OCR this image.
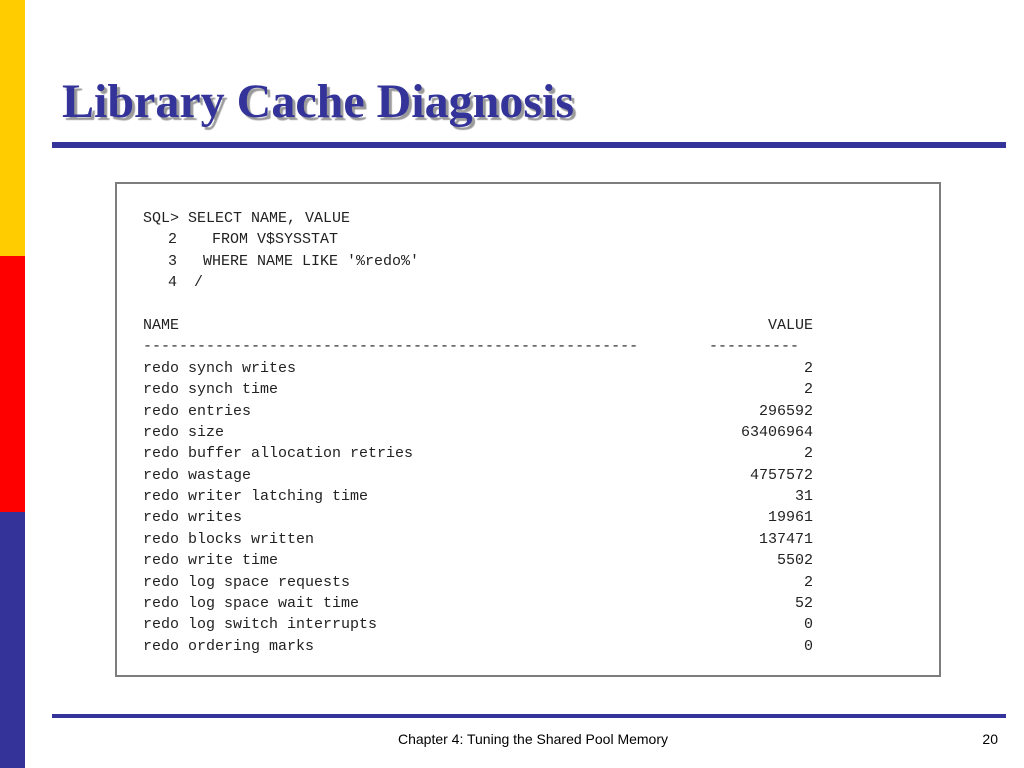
Library Cache Diagnosis
SQL> SELECT NAME, VALUE
2	FROM V$SYSSTAT
3	WHERE NAME LIKE '%redo%'
4	/
NAME	VALUE
-------------------------------------------------------	----------
redo synch writes	2
redo synch time	2
redo entries	296592
redo size	63406964
redo buffer allocation retries	2
redo wastage	4757572
redo writer latching time	31
redo writes	19961
redo blocks written	137471
redo write time	5502
redo log space requests	2
redo log space wait time	52
redo log switch interrupts	0
redo ordering marks	0
Chapter 4: Tuning the Shared Pool Memory	20
